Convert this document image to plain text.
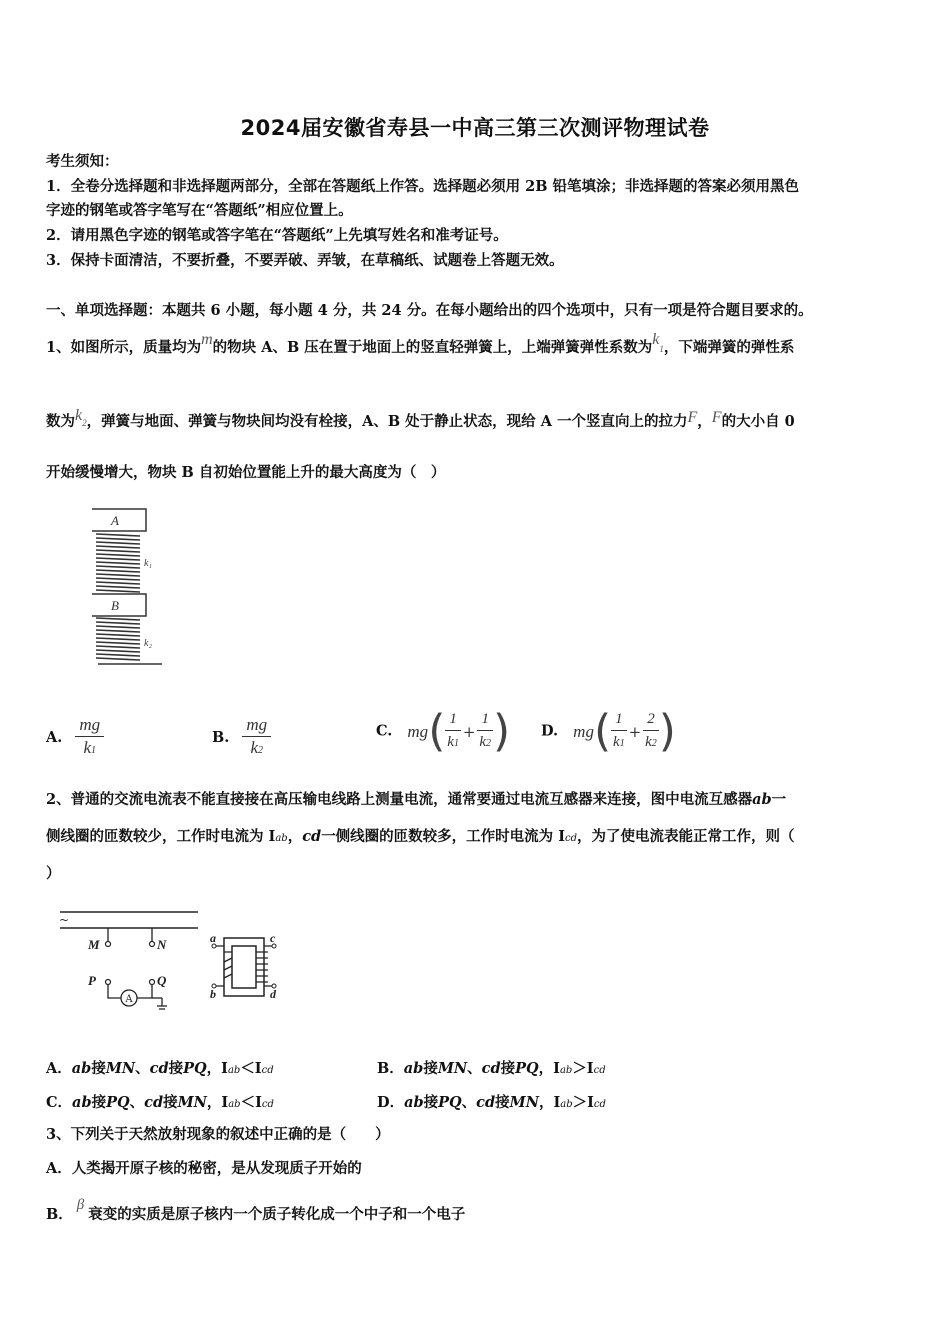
2024届安徽省寿县一中高三第三次测评物理试卷
考生须知：
1．全卷分选择题和非选择题两部分，全部在答题纸上作答。选择题必须用 2B 铅笔填涂；非选择题的答案必须用黑色
字迹的钢笔或答字笔写在“答题纸”相应位置上。
2．请用黑色字迹的钢笔或答字笔在“答题纸”上先填写姓名和准考证号。
3．保持卡面清洁，不要折叠，不要弄破、弄皱，在草稿纸、试题卷上答题无效。
一、单项选择题：本题共 6 小题，每小题 4 分，共 24 分。在每小题给出的四个选项中，只有一项是符合题目要求的。
1、如图所示，质量均为m的物块 A、B 压在置于地面上的竖直轻弹簧上，上端弹簧弹性系数为k1，下端弹簧的弹性系
数为k2，弹簧与地面、弹簧与物块间均没有栓接，A、B 处于静止状态，现给 A 一个竖直向上的拉力F，F的大小自 0
开始缓慢增大，物块 B 自初始位置能上升的最大高度为（　）
A
B
k₁
k₂
A. $\frac{mg}{k1}$	B. $\frac{mg}{k2}$	C. $mg( \frac{1}{k1} + \frac{1}{k2}$ ) D. $mg( \frac{1}{k1} + \frac{2}{k2}$ )
2、普通的交流电流表不能直接接在高压输电线路上测量电流，通常要通过电流互感器来连接，图中电流互感器ab一
侧线圈的匝数较少，工作时电流为 Iab，cd一侧线圈的匝数较多，工作时电流为 Icd，为了使电流表能正常工作，则（
）
~
M	N
P	Q
A
a
b
c
d
A．ab接MN、cd接PQ，Iab＜Icd	B．ab接MN、cd接PQ，Iab＞Icd
C．ab接PQ、cd接MN，Iab＜Icd	D．ab接PQ、cd接MN，Iab＞Icd
3、下列关于天然放射现象的叙述中正确的是（　　）
A．人类揭开原子核的秘密，是从发现质子开始的
B．β衰变的实质是原子核内一个质子转化成一个中子和一个电子
